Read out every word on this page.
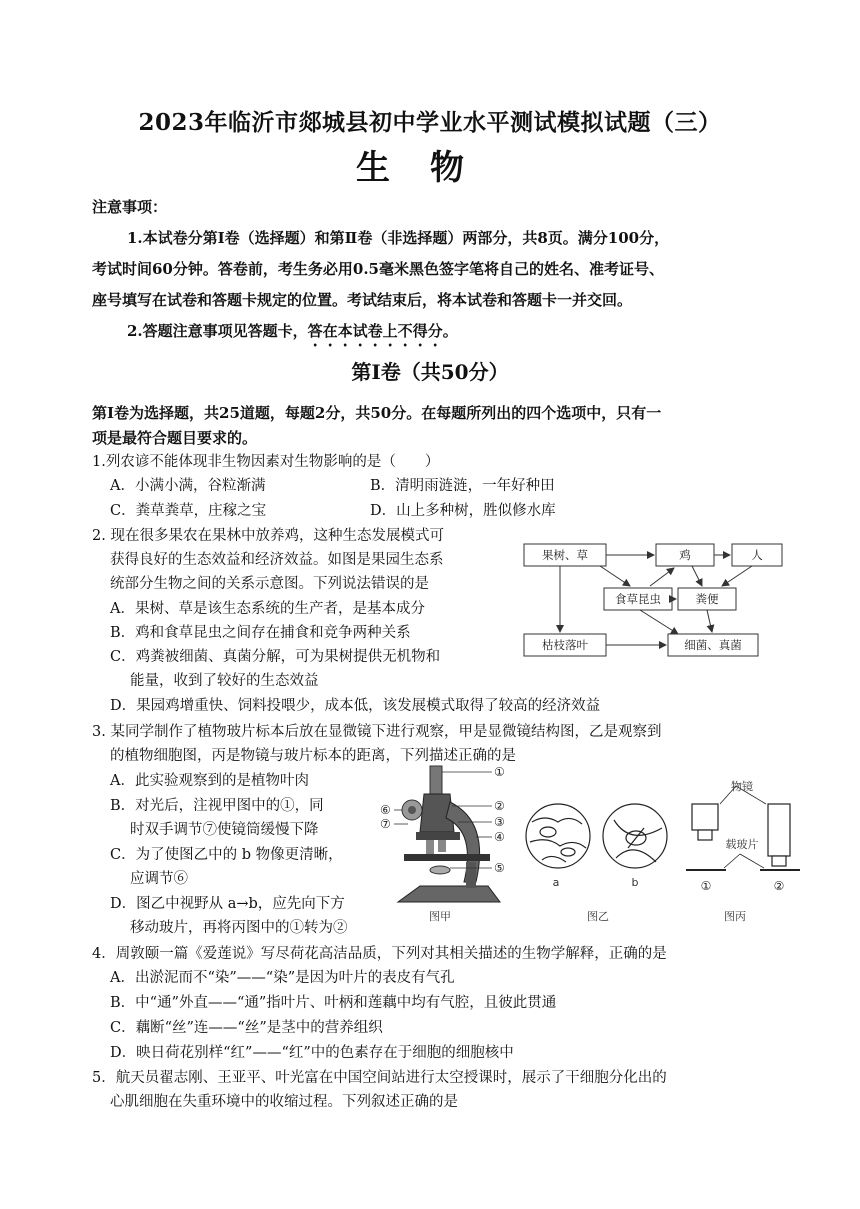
2023年临沂市郯城县初中学业水平测试模拟试题（三）
生物
注意事项：
1.本试卷分第Ⅰ卷（选择题）和第Ⅱ卷（非选择题）两部分，共8页。满分100分，
考试时间60分钟。答卷前，考生务必用0.5毫米黑色签字笔将自己的姓名、准考证号、
座号填写在试卷和答题卡规定的位置。考试结束后，将本试卷和答题卡一并交回。
2.答题注意事项见答题卡，答在本试卷上不得分。
第Ⅰ卷（共50分）
第Ⅰ卷为选择题，共25道题，每题2分，共50分。在每题所列出的四个选项中，只有一
项是最符合题目要求的。
1.列农谚不能体现非生物因素对生物影响的是（　　）
A．小满小满，谷粒渐满	B．清明雨涟涟，一年好种田
C．粪草粪草，庄稼之宝	D．山上多种树，胜似修水库
2. 现在很多果农在果林中放养鸡，这种生态发展模式可
获得良好的生态效益和经济效益。如图是果园生态系
统部分生物之间的关系示意图。下列说法错误的是
A．果树、草是该生态系统的生产者，是基本成分
B．鸡和食草昆虫之间存在捕食和竞争两种关系
C．鸡粪被细菌、真菌分解，可为果树提供无机物和
能量，收到了较好的生态效益
D．果园鸡增重快、饲料投喂少，成本低，该发展模式取得了较高的经济效益
果树、草	鸡	人
食草昆虫	粪便
枯枝落叶	细菌、真菌
3. 某同学制作了植物玻片标本后放在显微镜下进行观察，甲是显微镜结构图，乙是观察到
的植物细胞图，丙是物镜与玻片标本的距离，下列描述正确的是
A．此实验观察到的是植物叶肉
B．对光后，注视甲图中的①，同
时双手调节⑦使镜筒缓慢下降
C．为了使图乙中的 b 物像更清晰，
应调节⑥
D．图乙中视野从 a→b，应先向下方
移动玻片，再将丙图中的①转为②
①
②
③
④
⑤
⑥
⑦
图甲
a	b
图乙
物镜
载玻片
①	②
图丙
4．周敦颐一篇《爱莲说》写尽荷花高洁品质，下列对其相关描述的生物学解释，正确的是
A．出淤泥而不“染”——“染”是因为叶片的表皮有气孔
B．中“通”外直——“通”指叶片、叶柄和莲藕中均有气腔，且彼此贯通
C．藕断“丝”连——“丝”是茎中的营养组织
D．映日荷花别样“红”——“红”中的色素存在于细胞的细胞核中
5．航天员翟志刚、王亚平、叶光富在中国空间站进行太空授课时，展示了干细胞分化出的
心肌细胞在失重环境中的收缩过程。下列叙述正确的是
